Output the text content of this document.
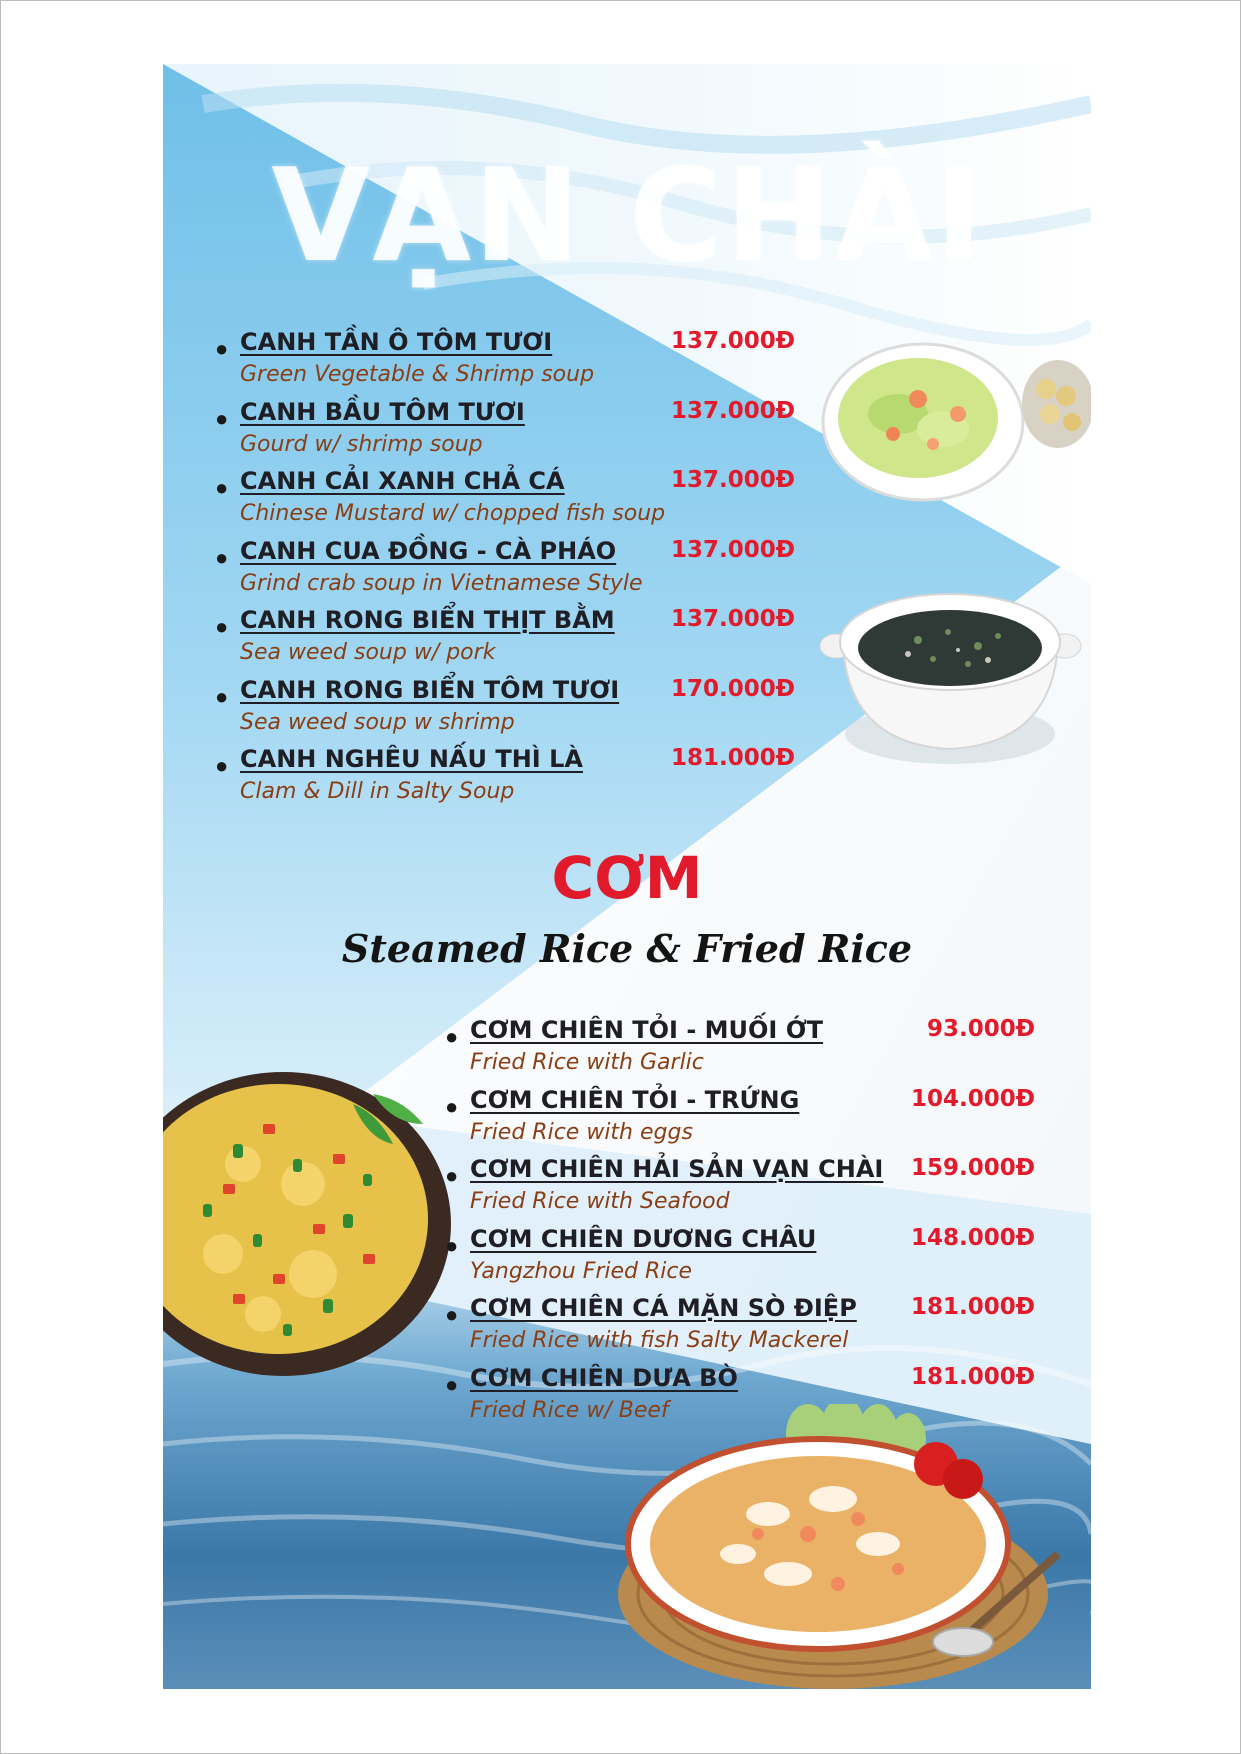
VẠN CHÀI
● CANH TẦN Ô TÔM TƯƠI	137.000Đ
Green Vegetable & Shrimp soup
● CANH BẦU TÔM TƯƠI	137.000Đ
Gourd w/ shrimp soup
● CANH CẢI XANH CHẢ CÁ	137.000Đ
Chinese Mustard w/ chopped fish soup
● CANH CUA ĐỒNG - CÀ PHÁO 137.000Đ
Grind crab soup in Vietnamese Style
● CANH RONG BIỂN THỊT BẰM 137.000Đ
Sea weed soup w/ pork
● CANH RONG BIỂN TÔM TƯƠI 170.000Đ
Sea weed soup w shrimp
● CANH NGHÊU NẤU THÌ LÀ	181.000Đ
Clam & Dill in Salty Soup
CƠM
Steamed Rice & Fried Rice
● CƠM CHIÊN TỎI - MUỐI ỚT	93.000Đ
Fried Rice with Garlic
● CƠM CHIÊN TỎI - TRỨNG	104.000Đ
Fried Rice with eggs
● CƠM CHIÊN HẢI SẢN VẠN CHÀI 159.000Đ
Fried Rice with Seafood
● CƠM CHIÊN DƯƠNG CHÂU	148.000Đ
Yangzhou Fried Rice
● CƠM CHIÊN CÁ MẶN SÒ ĐIỆP 181.000Đ
Fried Rice with fish Salty Mackerel
● CƠM CHIÊN DƯA BÒ	181.000Đ
Fried Rice w/ Beef
